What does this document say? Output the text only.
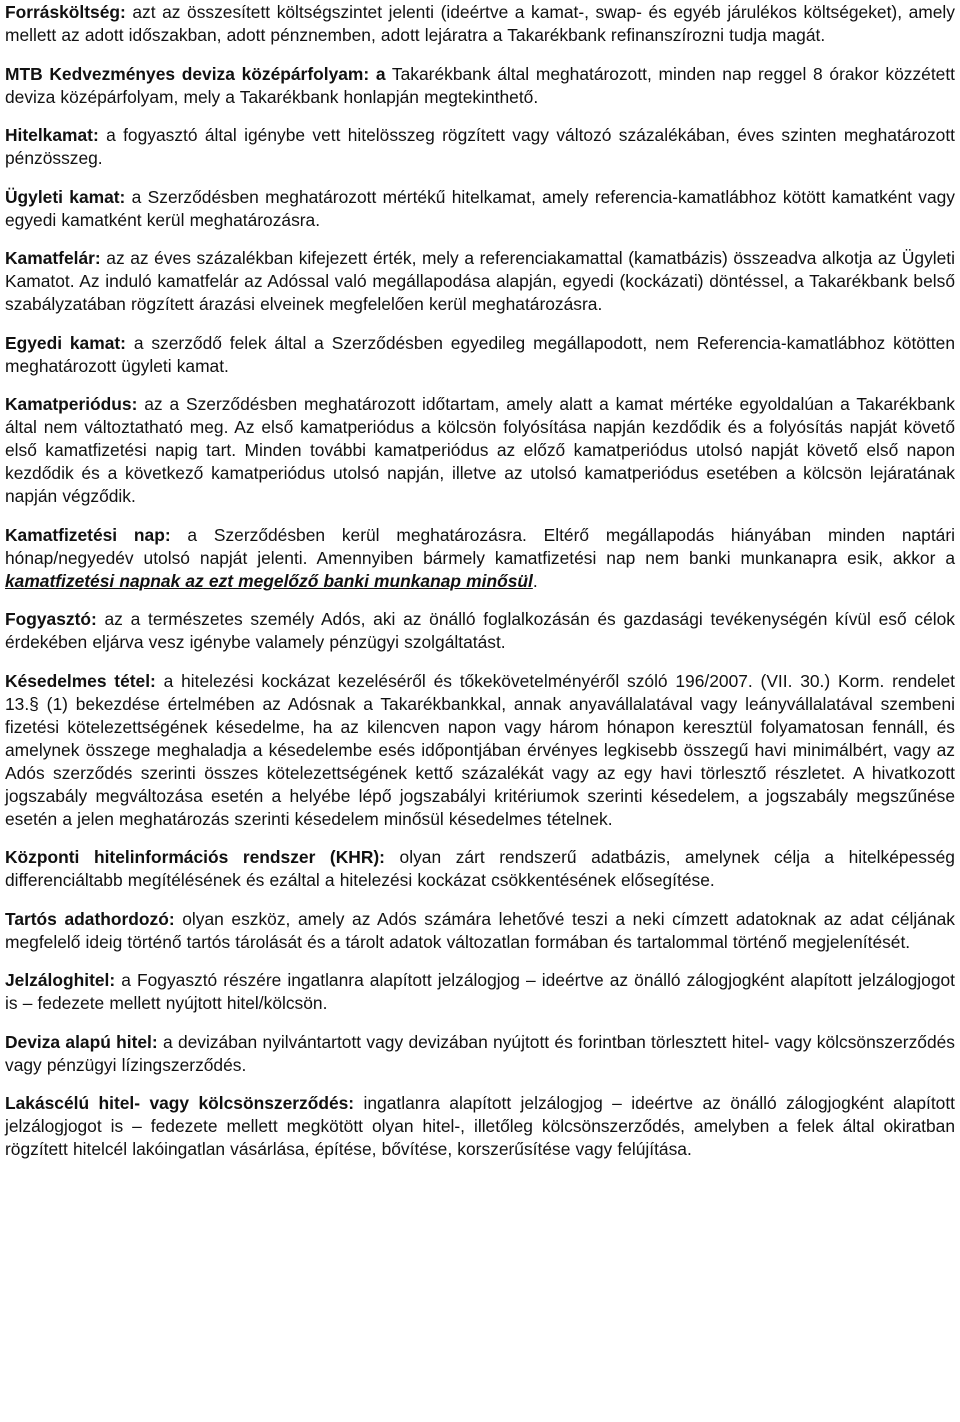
Forrásköltség: azt az összesített költségszintet jelenti (ideértve a kamat-, swap- és egyéb járulékos költségeket), amely mellett az adott időszakban, adott pénznemben, adott lejáratra a Takarékbank refinanszírozni tudja magát.

MTB Kedvezményes deviza középárfolyam: a Takarékbank által meghatározott, minden nap reggel 8 órakor közzétett deviza középárfolyam, mely a Takarékbank honlapján megtekinthető.

Hitelkamat: a fogyasztó által igénybe vett hitelösszeg rögzített vagy változó százalékában, éves szinten meghatározott pénzösszeg.

Ügyleti kamat: a Szerződésben meghatározott mértékű hitelkamat, amely referencia-kamatlábhoz kötött kamatként vagy egyedi kamatként kerül meghatározásra.

Kamatfelár: az az éves százalékban kifejezett érték, mely a referenciakamattal (kamatbázis) összeadva alkotja az Ügyleti Kamatot. Az induló kamatfelár az Adóssal való megállapodása alapján, egyedi (kockázati) döntéssel, a Takarékbank belső szabályzatában rögzített árazási elveinek megfelelően kerül meghatározásra.

Egyedi kamat: a szerződő felek által a Szerződésben egyedileg megállapodott, nem Referencia-kamatlábhoz kötötten meghatározott ügyleti kamat.

Kamatperiódus: az a Szerződésben meghatározott időtartam, amely alatt a kamat mértéke egyoldalúan a Takarékbank által nem változtatható meg. Az első kamatperiódus a kölcsön folyósítása napján kezdődik és a folyósítás napját követő első kamatfizetési napig tart. Minden további kamatperiódus az előző kamatperiódus utolsó napját követő első napon kezdődik és a következő kamatperiódus utolsó napján, illetve az utolsó kamatperiódus esetében a kölcsön lejáratának napján végződik.

Kamatfizetési nap: a Szerződésben kerül meghatározásra. Eltérő megállapodás hiányában minden naptári hónap/negyedév utolsó napját jelenti. Amennyiben bármely kamatfizetési nap nem banki munkanapra esik, akkor a kamatfizetési napnak az ezt megelőző banki munkanap minősül.

Fogyasztó: az a természetes személy Adós, aki az önálló foglalkozásán és gazdasági tevékenységén kívül eső célok érdekében eljárva vesz igénybe valamely pénzügyi szolgáltatást.

Késedelmes tétel: a hitelezési kockázat kezeléséről és tőkekövetelményéről szóló 196/2007. (VII. 30.) Korm. rendelet 13.§ (1) bekezdése értelmében az Adósnak a Takarékbankkal, annak anyavállalatával vagy leányvállalatával szembeni fizetési kötelezettségének késedelme, ha az kilencven napon vagy három hónapon keresztül folyamatosan fennáll, és amelynek összege meghaladja a késedelembe esés időpontjában érvényes legkisebb összegű havi minimálbért, vagy az Adós szerződés szerinti összes kötelezettségének kettő százalékát vagy az egy havi törlesztő részletet. A hivatkozott jogszabály megváltozása esetén a helyébe lépő jogszabályi kritériumok szerinti késedelem, a jogszabály megszűnése esetén a jelen meghatározás szerinti késedelem minősül késedelmes tételnek.

Központi hitelinformációs rendszer (KHR): olyan zárt rendszerű adatbázis, amelynek célja a hitelképesség differenciáltabb megítélésének és ezáltal a hitelezési kockázat csökkentésének elősegítése.

Tartós adathordozó: olyan eszköz, amely az Adós számára lehetővé teszi a neki címzett adatoknak az adat céljának megfelelő ideig történő tartós tárolását és a tárolt adatok változatlan formában és tartalommal történő megjelenítését.

Jelzáloghitel: a Fogyasztó részére ingatlanra alapított jelzálogjog – ideértve az önálló zálogjogként alapított jelzálogjogot is – fedezete mellett nyújtott hitel/kölcsön.

Deviza alapú hitel: a devizában nyilvántartott vagy devizában nyújtott és forintban törlesztett hitel- vagy kölcsönszerződés vagy pénzügyi lízingszerződés.

Lakáscélú hitel- vagy kölcsönszerződés: ingatlanra alapított jelzálogjog – ideértve az önálló zálogjogként alapított jelzálogjogot is – fedezete mellett megkötött olyan hitel-, illetőleg kölcsönszerződés, amelyben a felek által okiratban rögzített hitelcél lakóingatlan vásárlása, építése, bővítése, korszerűsítése vagy felújítása.
